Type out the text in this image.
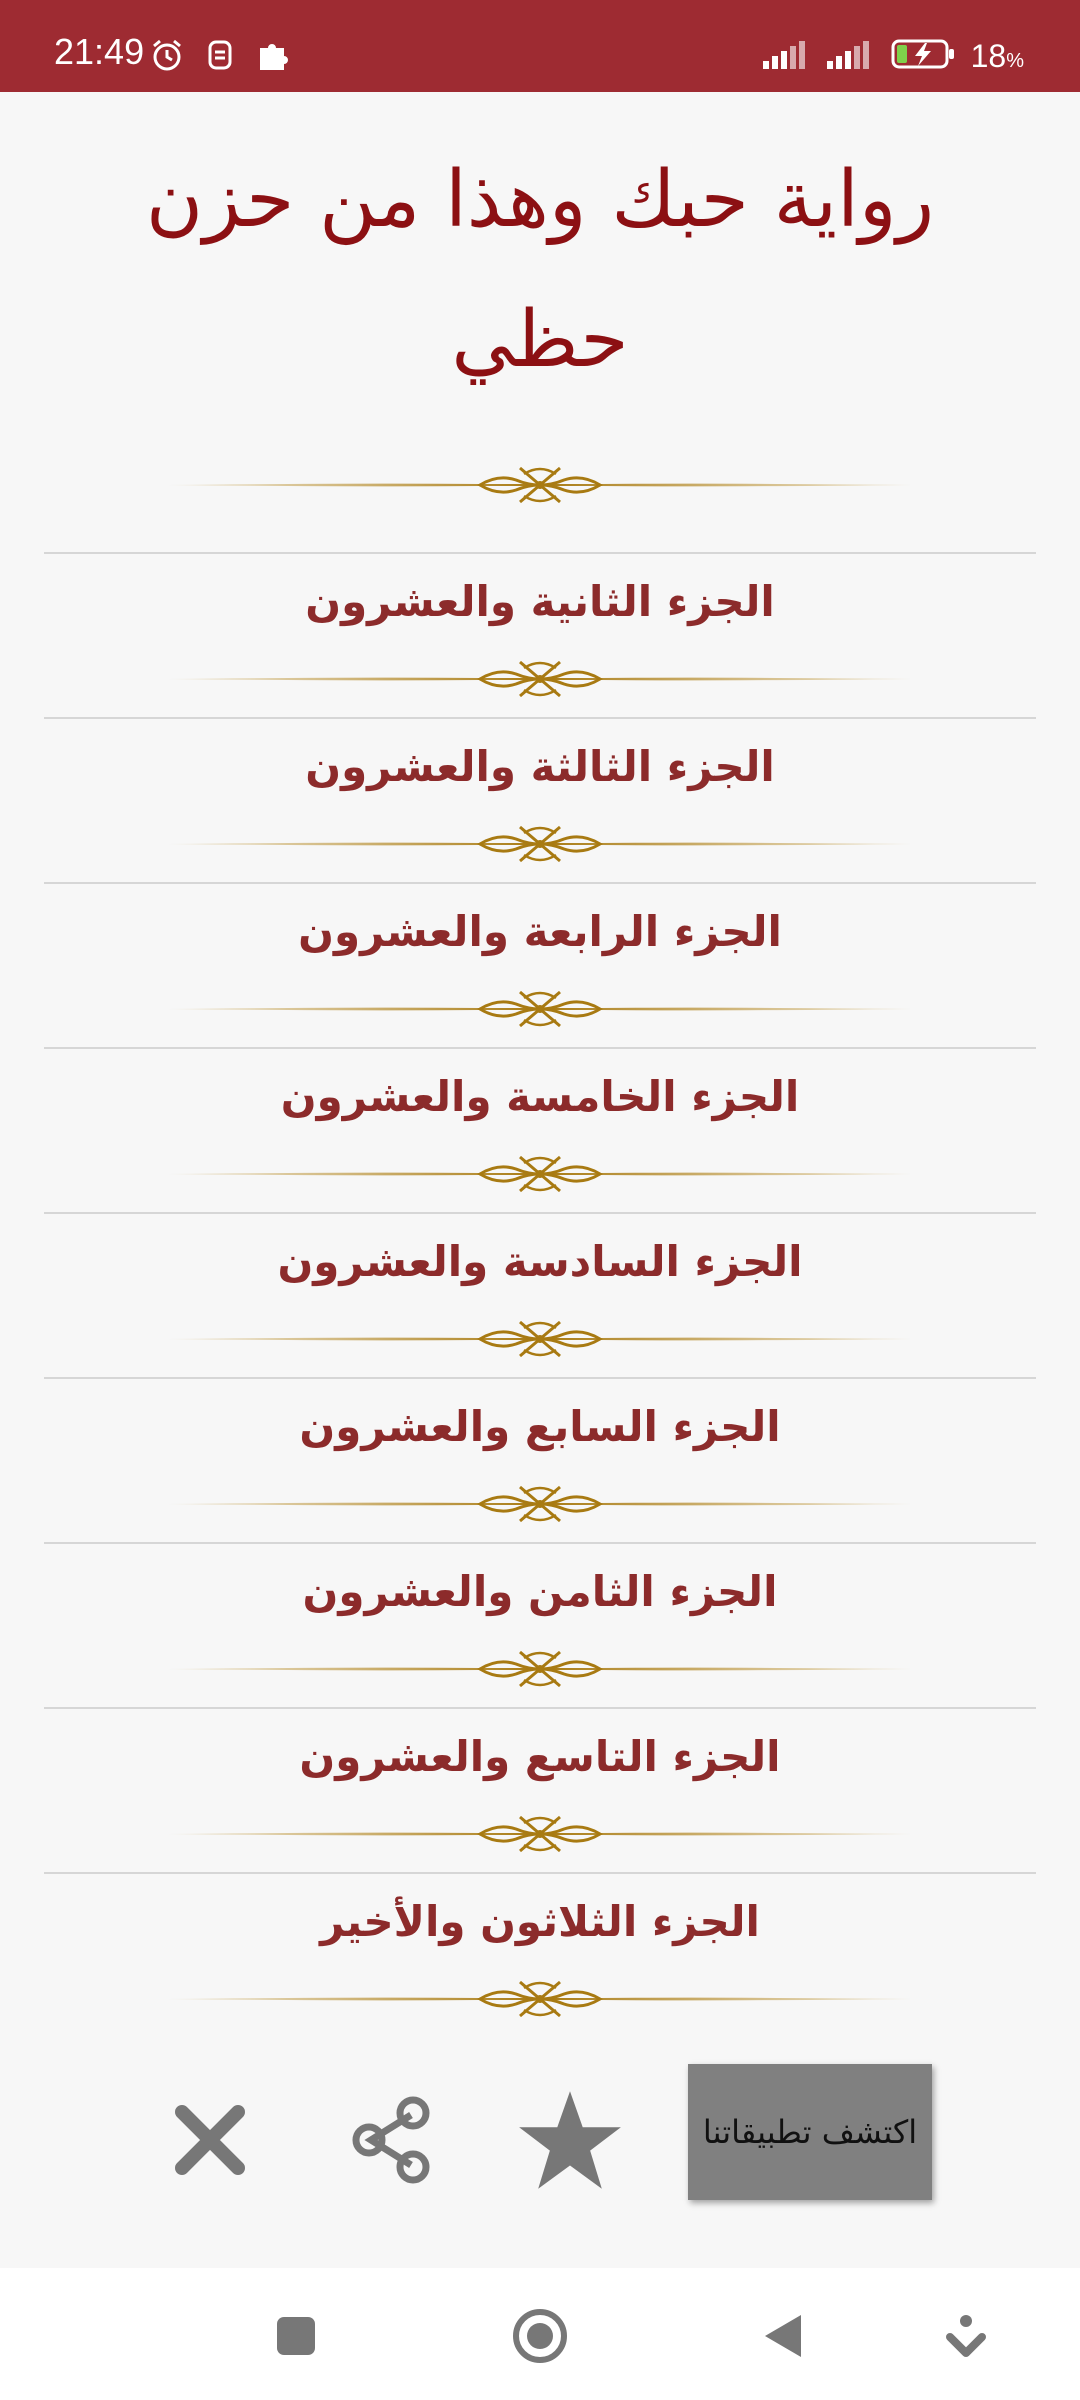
21:49	18%
رواية حبك وهذا من حزن حظي

الجزء الثانية والعشرون
الجزء الثالثة والعشرون
الجزء الرابعة والعشرون
الجزء الخامسة والعشرون
الجزء السادسة والعشرون
الجزء السابع والعشرون
الجزء الثامن والعشرون
الجزء التاسع والعشرون
الجزء الثلاثون والأخير
اكتشف تطبيقاتنا
